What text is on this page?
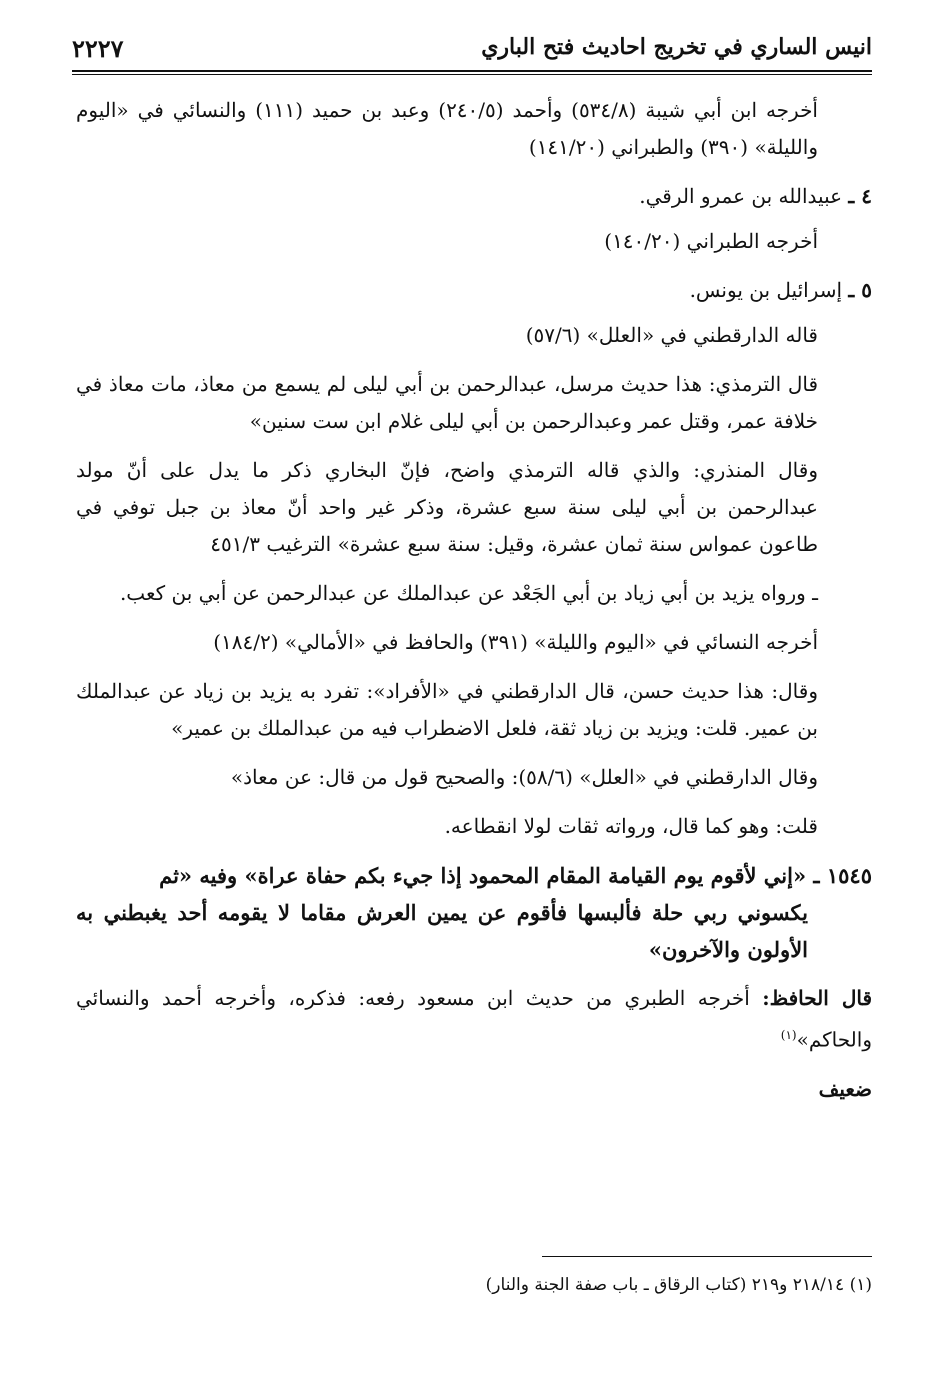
انيس الساري في تخريج احاديث فتح الباري
٢٢٢٧

أخرجه ابن أبي شيبة (٥٣٤/٨) وأحمد (٢٤٠/٥) وعبد بن حميد (١١١) والنسائي في «اليوم والليلة» (٣٩٠) والطبراني (١٤١/٢٠)

٤ ـ عبيدالله بن عمرو الرقي.

أخرجه الطبراني (١٤٠/٢٠)

٥ ـ إسرائيل بن يونس.

قاله الدارقطني في «العلل» (٥٧/٦)

قال الترمذي: هذا حديث مرسل، عبدالرحمن بن أبي ليلى لم يسمع من معاذ، مات معاذ في خلافة عمر، وقتل عمر وعبدالرحمن بن أبي ليلى غلام ابن ست سنين»

وقال المنذري: والذي قاله الترمذي واضح، فإنّ البخاري ذكر ما يدل على أنّ مولد عبدالرحمن بن أبي ليلى سنة سبع عشرة، وذكر غير واحد أنّ معاذ بن جبل توفي في طاعون عمواس سنة ثمان عشرة، وقيل: سنة سبع عشرة» الترغيب ٤٥١/٣

ـ ورواه يزيد بن أبي زياد بن أبي الجَعْد عن عبدالملك عن عبدالرحمن عن أبي بن كعب.

أخرجه النسائي في «اليوم والليلة» (٣٩١) والحافظ في «الأمالي» (١٨٤/٢)

وقال: هذا حديث حسن، قال الدارقطني في «الأفراد»: تفرد به يزيد بن زياد عن عبدالملك بن عمير. قلت: ويزيد بن زياد ثقة، فلعل الاضطراب فيه من عبدالملك بن عمير»

وقال الدارقطني في «العلل» (٥٨/٦): والصحيح قول من قال: عن معاذ»

قلت: وهو كما قال، ورواته ثقات لولا انقطاعه.

١٥٤٥ ـ «إني لأقوم يوم القيامة المقام المحمود إذا جيء بكم حفاة عراة» وفيه «ثم
يكسوني ربي حلة فألبسها فأقوم عن يمين العرش مقاما لا يقومه أحد يغبطني به الأولون والآخرون»

قال الحافظ: أخرجه الطبري من حديث ابن مسعود رفعه: فذكره، وأخرجه أحمد والنسائي والحاكم»$^{(١)}$

ضعيف

(١) ٢١٨/١٤ و٢١٩ (كتاب الرقاق ـ باب صفة الجنة والنار)
